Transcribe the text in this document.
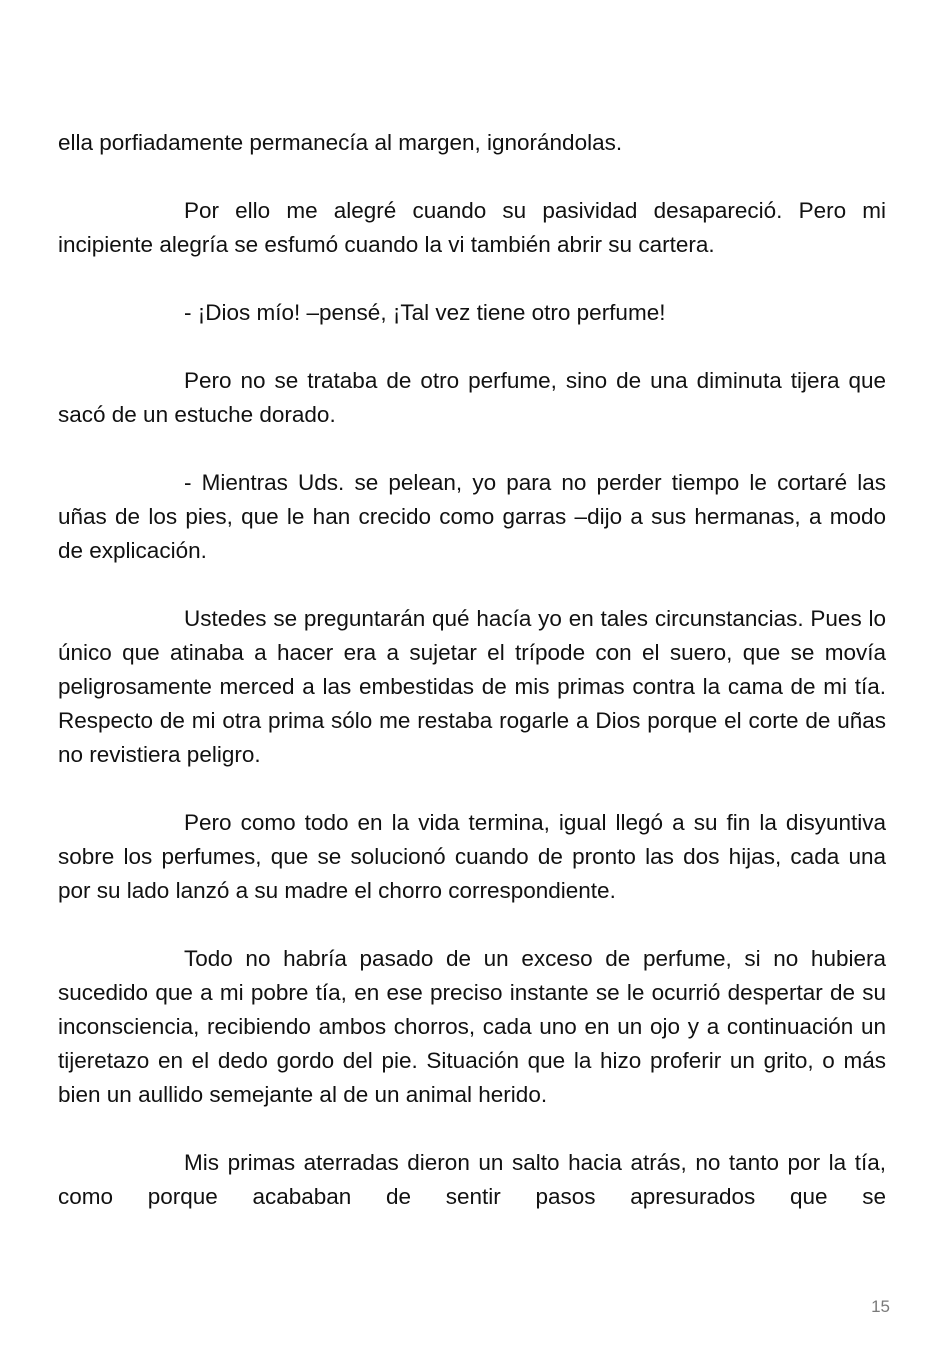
ella porfiadamente permanecía al margen, ignorándolas.

Por ello me alegré cuando su pasividad desapareció. Pero mi incipiente alegría se esfumó cuando la vi también abrir su cartera.

- ¡Dios mío! –pensé, ¡Tal vez tiene otro perfume!

Pero no se trataba de otro perfume, sino de una diminuta tijera que sacó de un estuche dorado.

- Mientras Uds. se pelean, yo para no perder tiempo le cortaré las uñas de los pies, que le han crecido como garras –dijo a sus hermanas, a modo de explicación.

Ustedes se preguntarán qué hacía yo en tales circunstancias. Pues lo único que atinaba a hacer era a sujetar el trípode con el suero, que se movía peligrosamente merced a las embestidas de mis primas contra la cama de mi tía. Respecto de mi otra prima sólo me restaba rogarle a Dios porque el corte de uñas no revistiera peligro.

Pero como todo en la vida termina, igual llegó a su fin la disyuntiva sobre los perfumes, que se solucionó cuando de pronto las dos hijas, cada una por su lado lanzó a su madre el chorro correspondiente.

Todo no habría pasado de un exceso de perfume, si no hubiera sucedido que a mi pobre tía, en ese preciso instante se le ocurrió despertar de su inconsciencia, recibiendo ambos chorros, cada uno en un ojo y a continuación un tijeretazo en el dedo gordo del pie. Situación que la hizo proferir un grito, o más bien un aullido semejante al de un animal herido.

Mis primas aterradas dieron un salto hacia atrás, no tanto por la tía, como porque acababan de sentir pasos apresurados que se

15
